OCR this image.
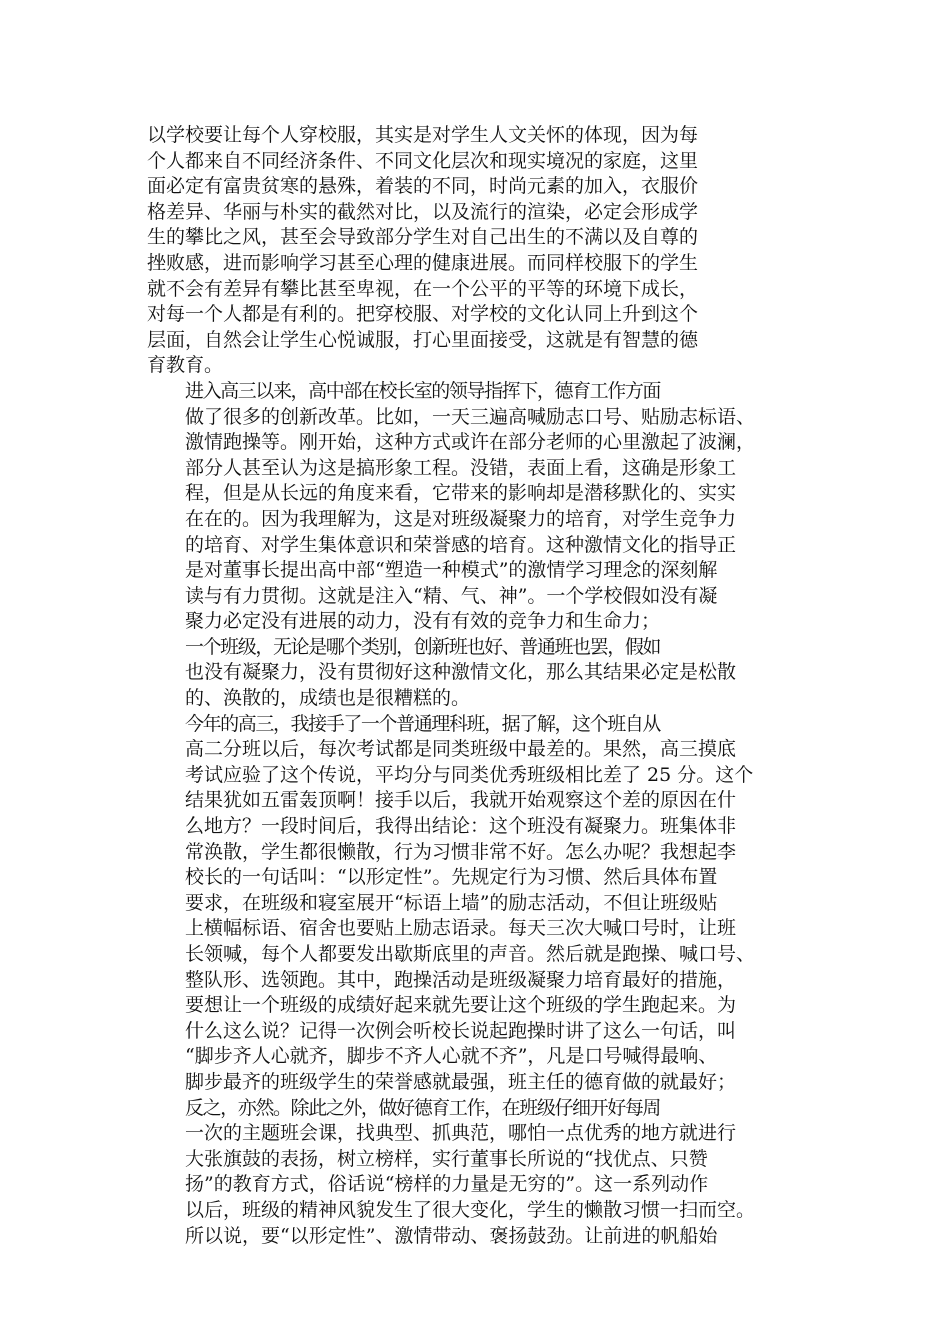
以学校要让每个人穿校服，其实是对学生人文关怀的体现，因为每
个人都来自不同经济条件、不同文化层次和现实境况的家庭，这里
面必定有富贵贫寒的悬殊，着装的不同，时尚元素的加入，衣服价
格差异、华丽与朴实的截然对比，以及流行的渲染，必定会形成学
生的攀比之风，甚至会导致部分学生对自己出生的不满以及自尊的
挫败感，进而影响学习甚至心理的健康进展。而同样校服下的学生
就不会有差异有攀比甚至卑视，在一个公平的平等的环境下成长，
对每一个人都是有利的。把穿校服、对学校的文化认同上升到这个
层面，自然会让学生心悦诚服，打心里面接受，这就是有智慧的德
育教育。

进入高三以来，高中部在校长室的领导指挥下，德育工作方面
做了很多的创新改革。比如，一天三遍高喊励志口号、贴励志标语、
激情跑操等。刚开始，这种方式或许在部分老师的心里激起了波澜，
部分人甚至认为这是搞形象工程。没错，表面上看，这确是形象工
程，但是从长远的角度来看，它带来的影响却是潜移默化的、实实
在在的。因为我理解为，这是对班级凝聚力的培育，对学生竞争力
的培育、对学生集体意识和荣誉感的培育。这种激情文化的指导正
是对董事长提出高中部“塑造一种模式”的激情学习理念的深刻解
读与有力贯彻。这就是注入“精、气、神”。一个学校假如没有凝
聚力必定没有进展的动力，没有有效的竞争力和生命力；

一个班级，无论是哪个类别，创新班也好、普通班也罢，假如
也没有凝聚力，没有贯彻好这种激情文化，那么其结果必定是松散
的、涣散的，成绩也是很糟糕的。

今年的高三，我接手了一个普通理科班，据了解，这个班自从
高二分班以后，每次考试都是同类班级中最差的。果然，高三摸底
考试应验了这个传说，平均分与同类优秀班级相比差了 25 分。这个
结果犹如五雷轰顶啊！接手以后，我就开始观察这个差的原因在什
么地方？一段时间后，我得出结论：这个班没有凝聚力。班集体非
常涣散，学生都很懒散，行为习惯非常不好。怎么办呢？我想起李
校长的一句话叫：“以形定性”。先规定行为习惯、然后具体布置
要求，在班级和寝室展开“标语上墙”的励志活动，不但让班级贴
上横幅标语、宿舍也要贴上励志语录。每天三次大喊口号时，让班
长领喊，每个人都要发出歇斯底里的声音。然后就是跑操、喊口号、
整队形、选领跑。其中，跑操活动是班级凝聚力培育最好的措施，
要想让一个班级的成绩好起来就先要让这个班级的学生跑起来。为
什么这么说？记得一次例会听校长说起跑操时讲了这么一句话，叫
“脚步齐人心就齐，脚步不齐人心就不齐”，凡是口号喊得最响、
脚步最齐的班级学生的荣誉感就最强，班主任的德育做的就最好；

反之，亦然。除此之外，做好德育工作，在班级仔细开好每周
一次的主题班会课，找典型、抓典范，哪怕一点优秀的地方就进行
大张旗鼓的表扬，树立榜样，实行董事长所说的“找优点、只赞
扬”的教育方式，俗话说“榜样的力量是无穷的”。这一系列动作
以后，班级的精神风貌发生了很大变化，学生的懒散习惯一扫而空。
所以说，要“以形定性”、激情带动、褒扬鼓劲。让前进的帆船始
